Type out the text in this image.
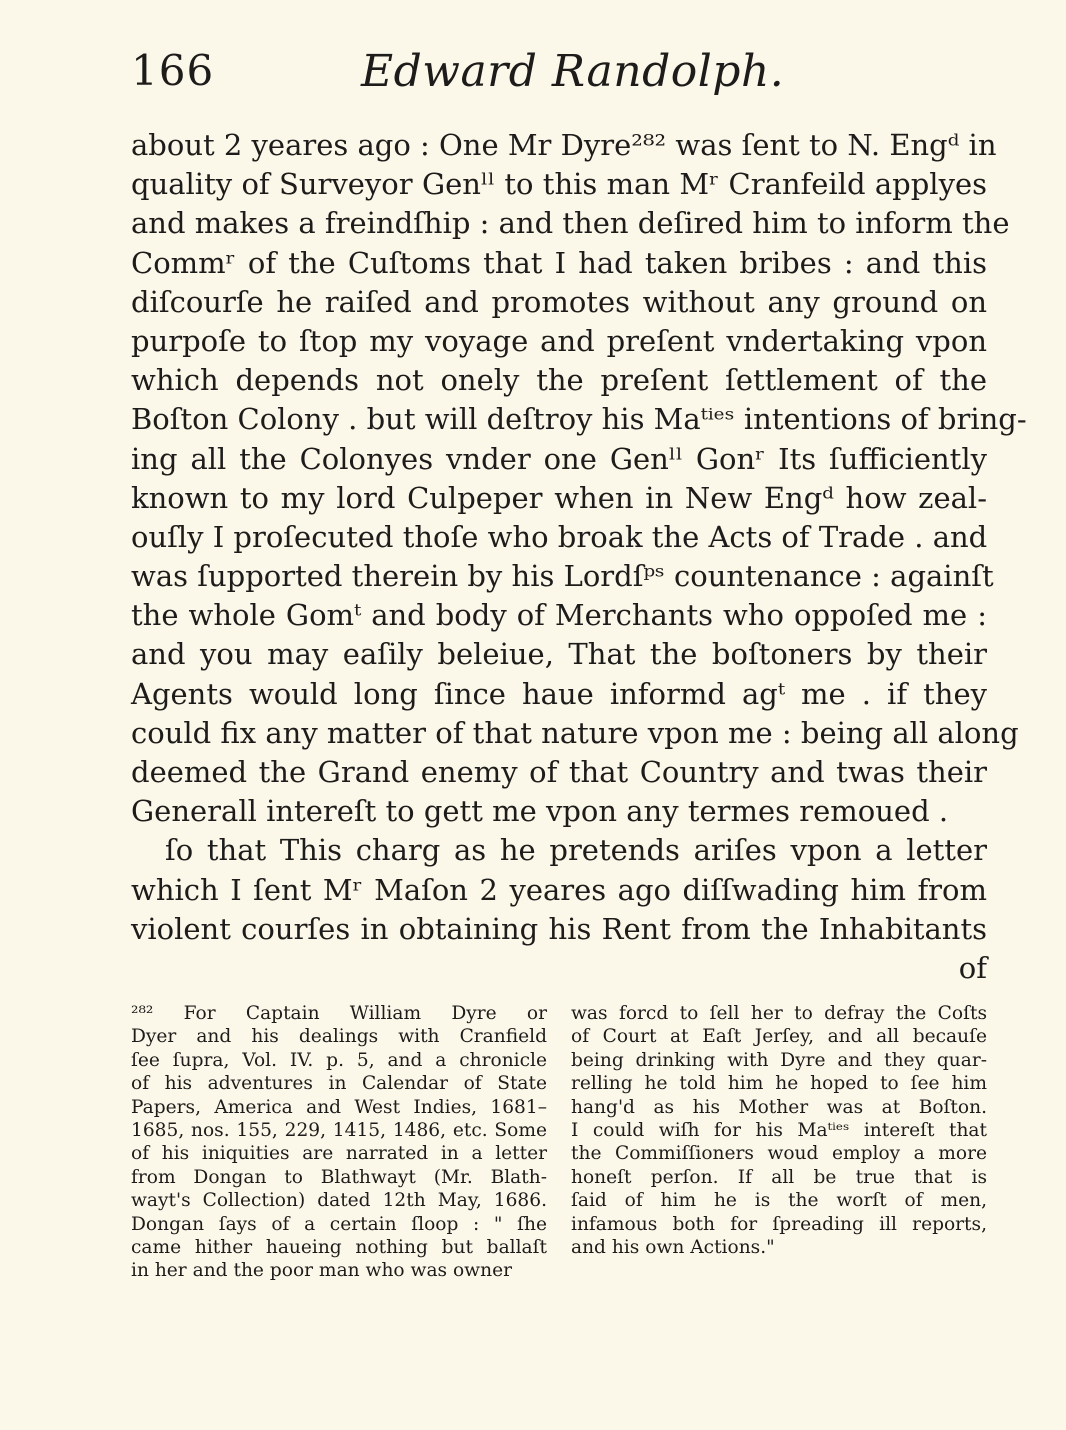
166	Edward Randolph.
about 2 yeares ago : One Mr Dyre²⁸² was ſent to N. Engᵈ in
quality of Surveyor Genˡˡ to this man Mʳ Cranfeild applyes
and makes a freindſhip : and then deſired him to inform the
Commʳ of the Cuſtoms that I had taken bribes : and this
diſcourſe he raiſed and promotes without any ground on
purpoſe to ſtop my voyage and preſent vndertaking vpon
which depends not onely the preſent ſettlement of the
Boſton Colony . but will deſtroy his Maᵗⁱᵉˢ intentions of bring-
ing all the Colonyes vnder one Genˡˡ Gonʳ Its ſufficiently
known to my lord Culpeper when in New Engᵈ how zeal-
ouſly I proſecuted thoſe who broak the Acts of Trade . and
was ſupported therein by his Lordſᵖˢ countenance : againſt
the whole Gomᵗ and body of Merchants who oppoſed me :
and you may eaſily beleiue, That the boſtoners by their
Agents would long ſince haue informd agᵗ me . if they
could fix any matter of that nature vpon me : being all along
deemed the Grand enemy of that Country and twas their
Generall intereſt to gett me vpon any termes remoued .
ſo that This charg as he pretends ariſes vpon a letter
which I ſent Mʳ Maſon 2 yeares ago diſſwading him from
violent courſes in obtaining his Rent from the Inhabitants
of
²⁸² For Captain William Dyre or
Dyer and his dealings with Cranfield
ſee ſupra, Vol. IV. p. 5, and a chronicle
of his adventures in Calendar of State
Papers, America and West Indies, 1681–
1685, nos. 155, 229, 1415, 1486, etc. Some
of his iniquities are narrated in a letter
from Dongan to Blathwayt (Mr. Blath-
wayt's Collection) dated 12th May, 1686.
Dongan ſays of a certain ſloop : " ſhe
came hither haueing nothing but ballaſt
in her and the poor man who was owner
was forcd to ſell her to defray the Coſts
of Court at Eaſt Jerſey, and all becauſe
being drinking with Dyre and they quar-
relling he told him he hoped to ſee him
hang'd as his Mother was at Boſton.
I could wiſh for his Maᵗⁱᵉˢ intereſt that
the Commiſſioners woud employ a more
honeſt perſon. If all be true that is
ſaid of him he is the worſt of men,
infamous both for ſpreading ill reports,
and his own Actions."
